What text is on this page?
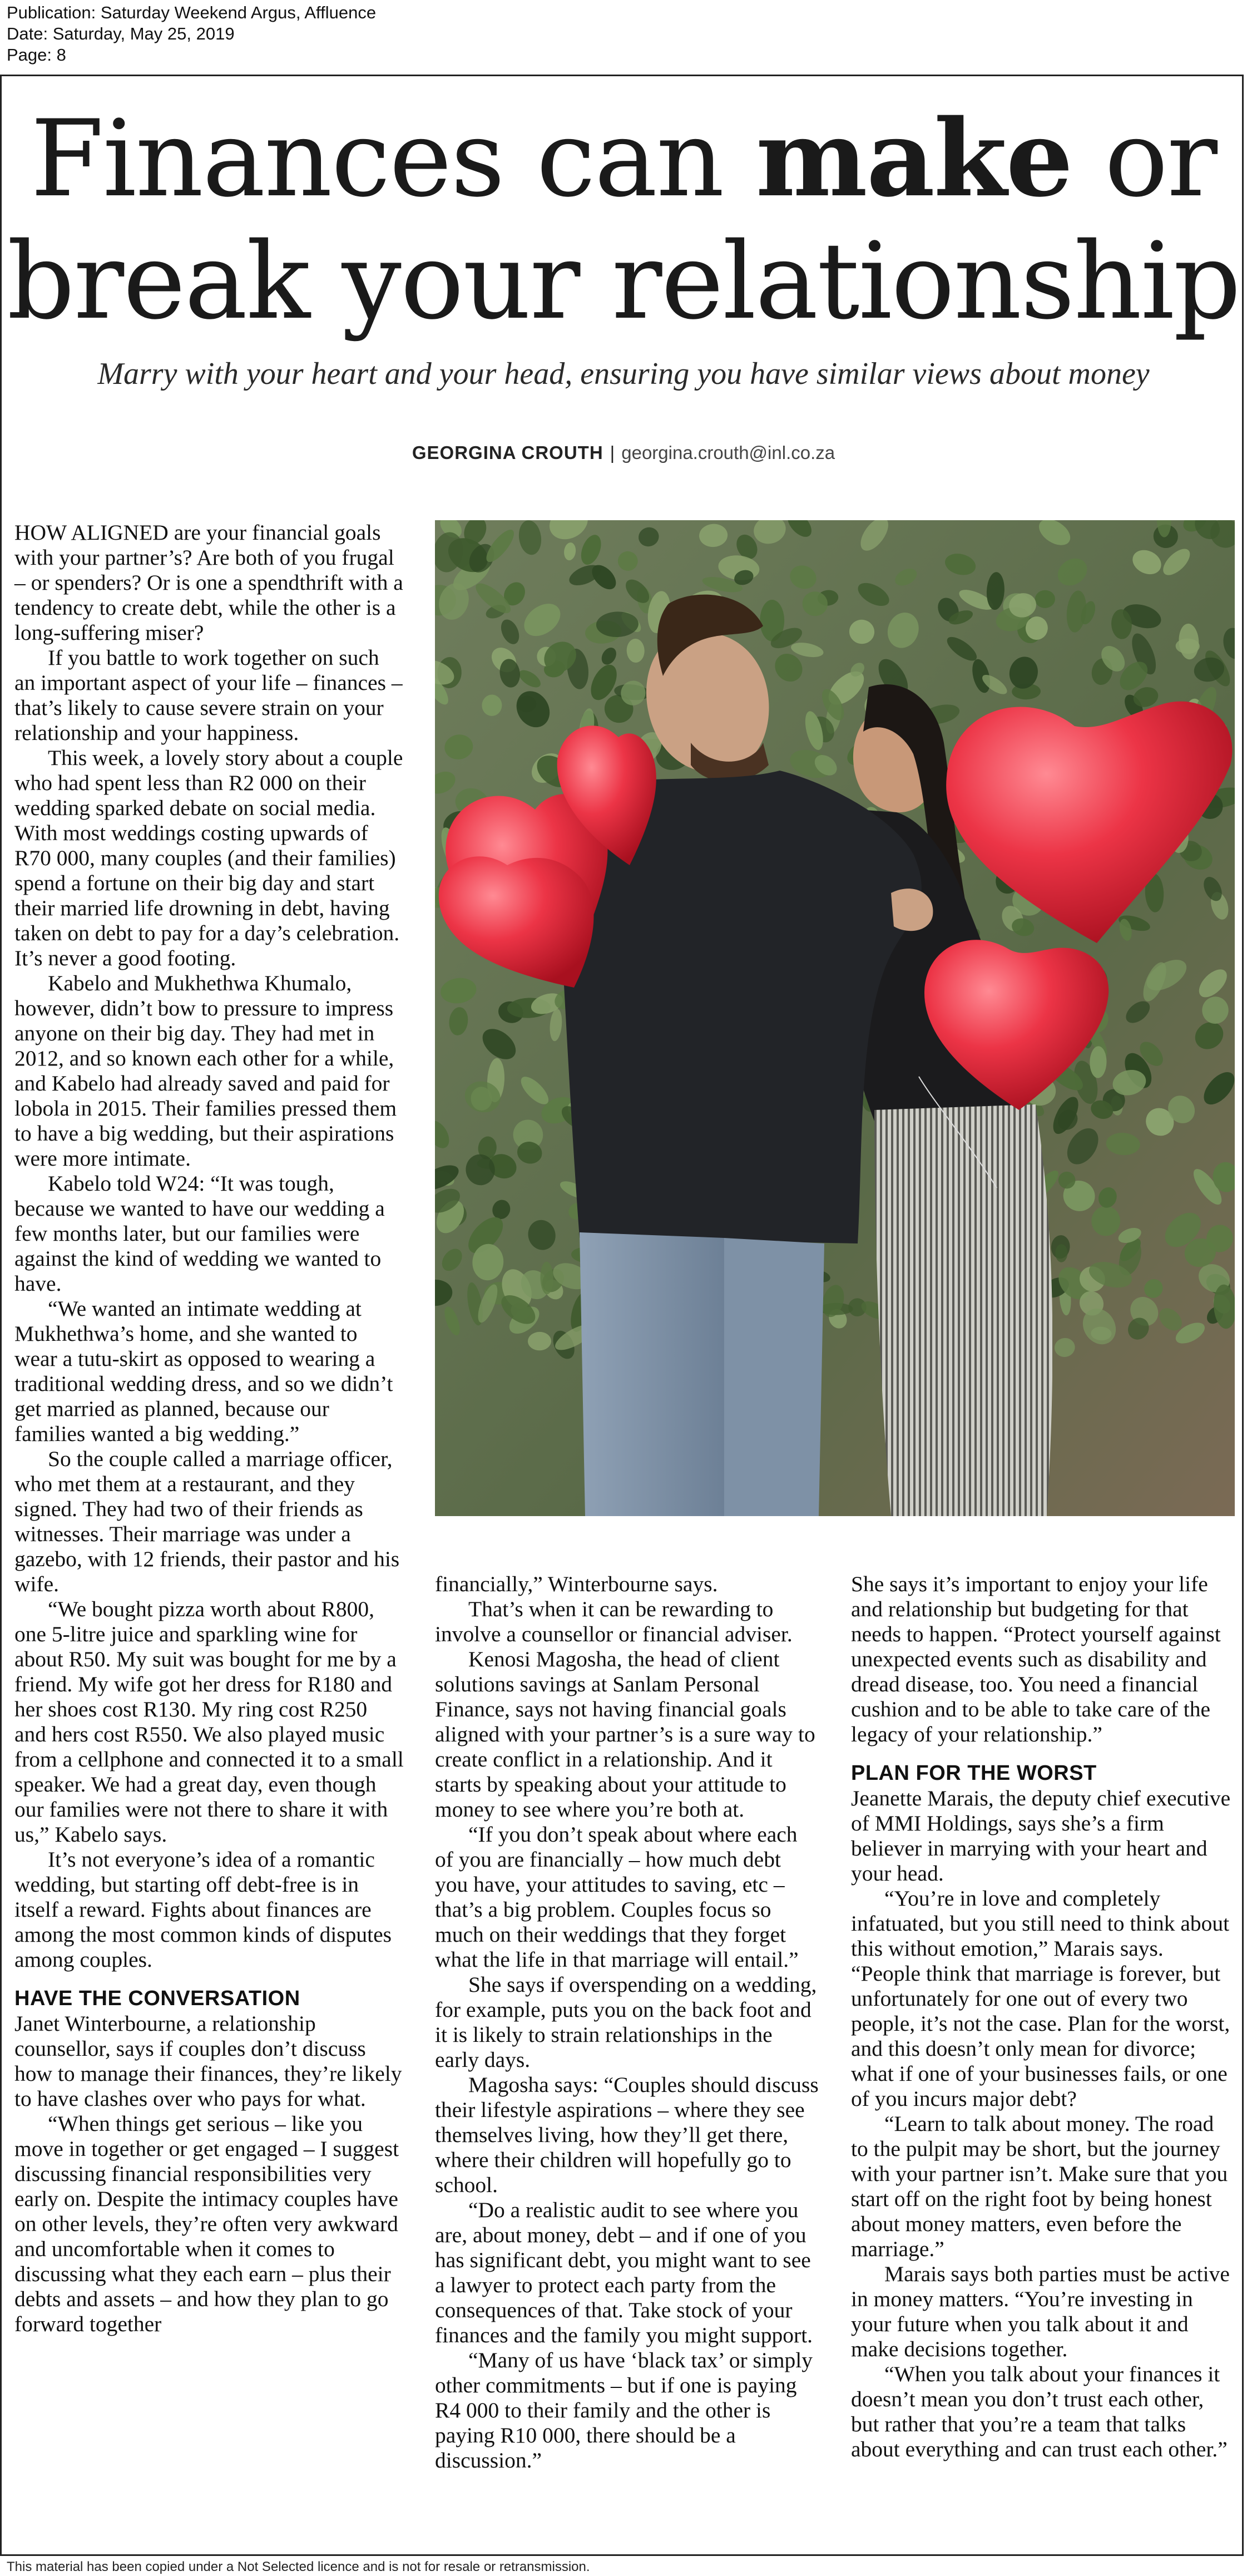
Publication: Saturday Weekend Argus, Affluence
Date: Saturday, May 25, 2019
Page: 8
Finances can make or
break your relationship
Marry with your heart and your head, ensuring you have similar views about money
GEORGINA CROUTH | georgina.crouth@inl.co.za

HOW ALIGNED are your financial goals with your partner’s? Are both of you frugal – or spenders? Or is one a spendthrift with a tendency to create debt, while the other is a long-suffering miser?

If you battle to work together on such an important aspect of your life – finances – that’s likely to cause severe strain on your relationship and your happiness.

This week, a lovely story about a couple who had spent less than R2 000 on their wedding sparked debate on social media. With most weddings costing upwards of R70 000, many couples (and their families) spend a fortune on their big day and start their married life drowning in debt, having taken on debt to pay for a day’s celebration. It’s never a good footing.

Kabelo and Mukhethwa Khumalo, however, didn’t bow to pressure to impress anyone on their big day. They had met in 2012, and so known each other for a while, and Kabelo had already saved and paid for lobola in 2015. Their families pressed them to have a big wedding, but their aspirations were more intimate.

Kabelo told W24: “It was tough, because we wanted to have our wedding a few months later, but our families were against the kind of wedding we wanted to have.

“We wanted an intimate wedding at Mukhethwa’s home, and she wanted to wear a tutu-skirt as opposed to wearing a traditional wedding dress, and so we didn’t get married as planned, because our families wanted a big wedding.”

So the couple called a marriage officer, who met them at a restaurant, and they signed. They had two of their friends as witnesses. Their marriage was under a gazebo, with 12 friends, their pastor and his wife.

“We bought pizza worth about R800, one 5-litre juice and sparkling wine for about R50. My suit was bought for me by a friend. My wife got her dress for R180 and her shoes cost R130. My ring cost R250 and hers cost R550. We also played music from a cellphone and connected it to a small speaker. We had a great day, even though our families were not there to share it with us,” Kabelo says.

It’s not everyone’s idea of a romantic wedding, but starting off debt-free is in itself a reward. Fights about finances are among the most common kinds of disputes among couples.

HAVE THE CONVERSATION

Janet Winterbourne, a relationship counsellor, says if couples don’t discuss how to manage their finances, they’re likely to have clashes over who pays for what.

“When things get serious – like you move in together or get engaged – I suggest discussing financial responsibilities very early on. Despite the intimacy couples have on other levels, they’re often very awkward and uncomfortable when it comes to discussing what they each earn – plus their debts and assets – and how they plan to go forward together

financially,” Winterbourne says.

That’s when it can be rewarding to involve a counsellor or financial adviser.

Kenosi Magosha, the head of client solutions savings at Sanlam Personal Finance, says not having financial goals aligned with your partner’s is a sure way to create conflict in a relationship. And it starts by speaking about your attitude to money to see where you’re both at.

“If you don’t speak about where each of you are financially – how much debt you have, your attitudes to saving, etc – that’s a big problem. Couples focus so much on their weddings that they forget what the life in that marriage will entail.”

She says if overspending on a wedding, for example, puts you on the back foot and it is likely to strain relationships in the early days.

Magosha says: “Couples should discuss their lifestyle aspirations – where they see themselves living, how they’ll get there, where their children will hopefully go to school.

“Do a realistic audit to see where you are, about money, debt – and if one of you has significant debt, you might want to see a lawyer to protect each party from the consequences of that. Take stock of your finances and the family you might support.

“Many of us have ‘black tax’ or simply other commitments – but if one is paying R4 000 to their family and the other is paying R10 000, there should be a discussion.”

She says it’s important to enjoy your life and relationship but budgeting for that needs to happen. “Protect yourself against unexpected events such as disability and dread disease, too. You need a financial cushion and to be able to take care of the legacy of your relationship.”

PLAN FOR THE WORST

Jeanette Marais, the deputy chief executive of MMI Holdings, says she’s a firm believer in marrying with your heart and your head.

“You’re in love and completely infatuated, but you still need to think about this without emotion,” Marais says. “People think that marriage is forever, but unfortunately for one out of every two people, it’s not the case. Plan for the worst, and this doesn’t only mean for divorce; what if one of your businesses fails, or one of you incurs major debt?

“Learn to talk about money. The road to the pulpit may be short, but the journey with your partner isn’t. Make sure that you start off on the right foot by being honest about money matters, even before the marriage.”

Marais says both parties must be active in money matters. “You’re investing in your future when you talk about it and make decisions together.

“When you talk about your finances it doesn’t mean you don’t trust each other, but rather that you’re a team that talks about everything and can trust each other.”

This material has been copied under a Not Selected licence and is not for resale or retransmission.
